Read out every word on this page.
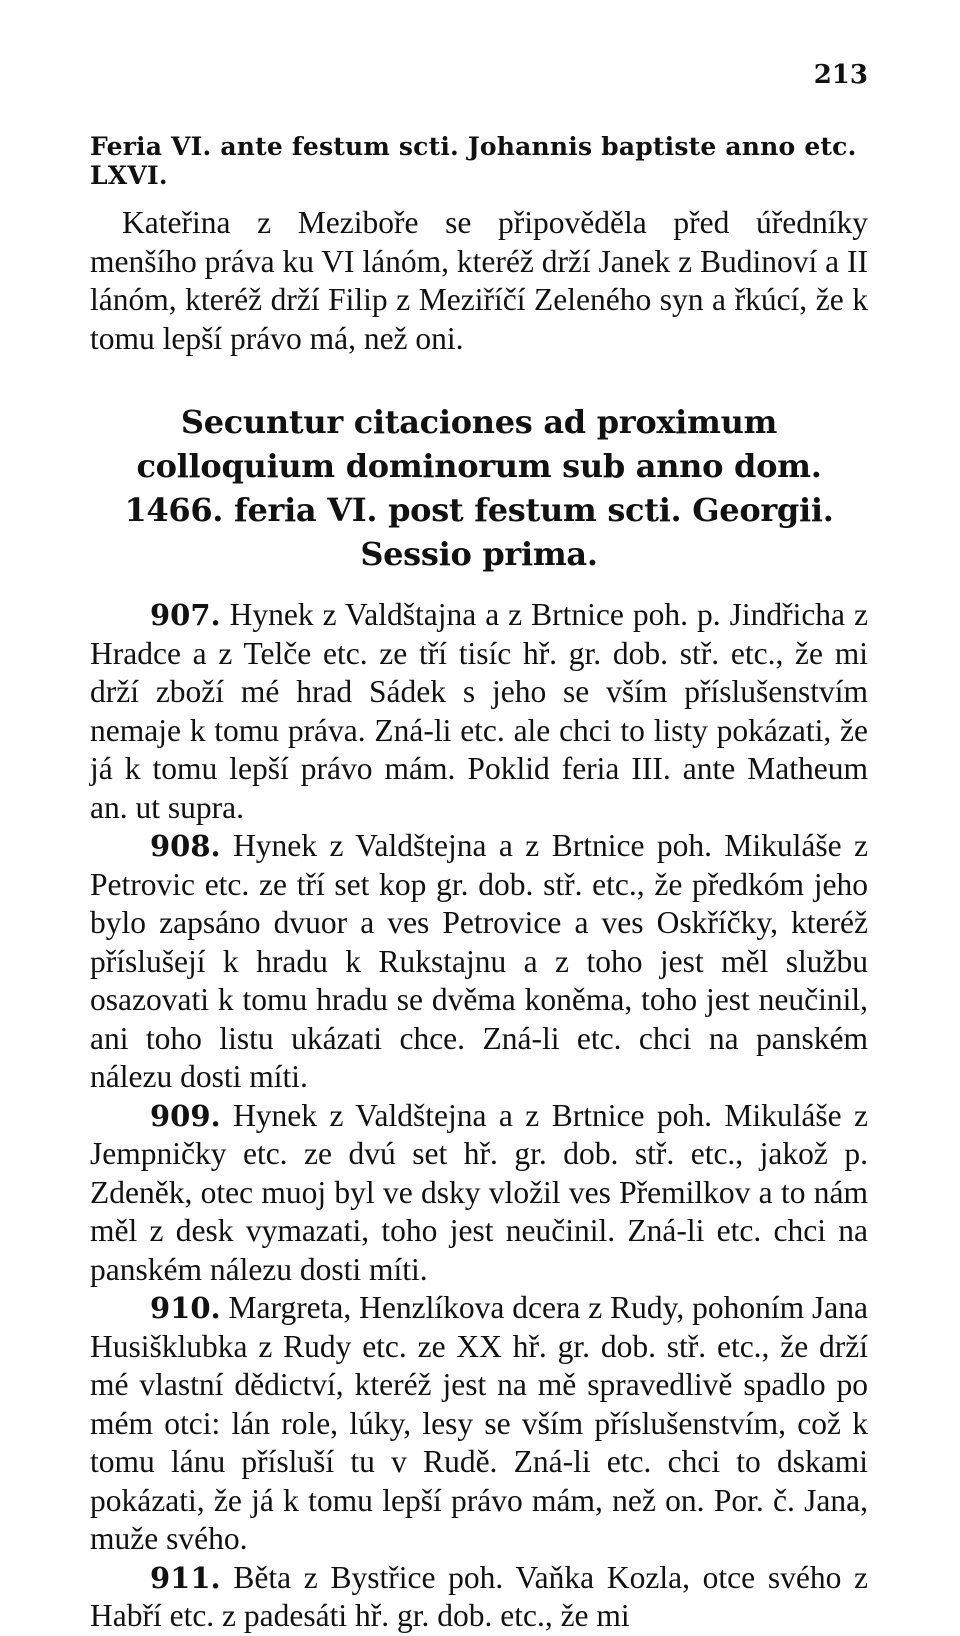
213
Feria VI. ante festum scti. Johannis baptiste anno etc. LXVI.

Kateřina z Meziboře se připověděla před úředníky menšího práva ku VI lánóm, kteréž drží Janek z Budinoví a II lánóm, kteréž drží Filip z Meziříčí Zeleného syn a řkúcí, že k tomu lepší právo má, než oni.

Secuntur citaciones ad proximum colloquium dominorum sub anno dom. 1466. feria VI. post festum scti. Georgii. Sessio prima.

907. Hynek z Valdštajna a z Brtnice poh. p. Jindřicha z Hradce a z Telče etc. ze tří tisíc hř. gr. dob. stř. etc., že mi drží zboží mé hrad Sádek s jeho se vším příslušenstvím nemaje k tomu práva. Zná-li etc. ale chci to listy pokázati, že já k tomu lepší právo mám. Poklid feria III. ante Matheum an. ut supra.

908. Hynek z Valdštejna a z Brtnice poh. Mikuláše z Petrovic etc. ze tří set kop gr. dob. stř. etc., že předkóm jeho bylo zapsáno dvuor a ves Petrovice a ves Oskříčky, kteréž příslušejí k hradu k Rukstajnu a z toho jest měl službu osazovati k tomu hradu se dvěma koněma, toho jest neučinil, ani toho listu ukázati chce. Zná-li etc. chci na panském nálezu dosti míti.

909. Hynek z Valdštejna a z Brtnice poh. Mikuláše z Jempničky etc. ze dvú set hř. gr. dob. stř. etc., jakož p. Zdeněk, otec muoj byl ve dsky vložil ves Přemilkov a to nám měl z desk vymazati, toho jest neučinil. Zná-li etc. chci na panském nálezu dosti míti.

910. Margreta, Henzlíkova dcera z Rudy, pohoním Jana Husišklubka z Rudy etc. ze XX hř. gr. dob. stř. etc., že drží mé vlastní dědictví, kteréž jest na mě spravedlivě spadlo po mém otci: lán role, lúky, lesy se vším příslušenstvím, což k tomu lánu přísluší tu v Rudě. Zná-li etc. chci to dskami pokázati, že já k tomu lepší právo mám, než on. Por. č. Jana, muže svého.

911. Běta z Bystřice poh. Vaňka Kozla, otce svého z Habří etc. z padesáti hř. gr. dob. etc., že mi
